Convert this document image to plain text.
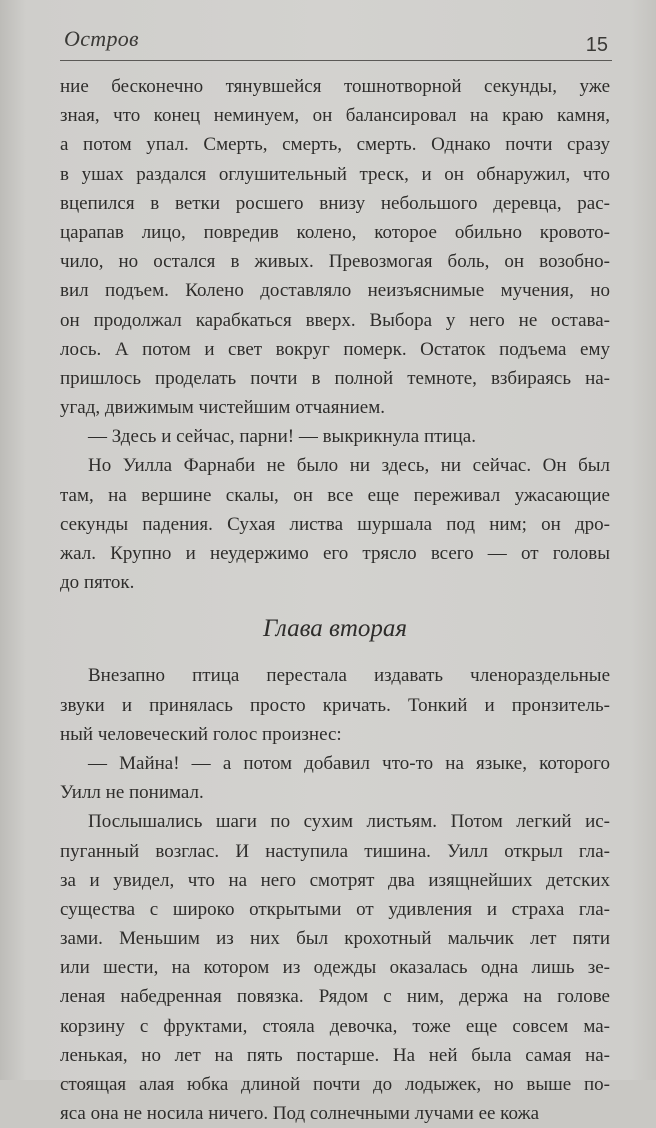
Остров	15
ние бесконечно тянувшейся тошнотворной секунды, уже
зная, что конец неминуем, он балансировал на краю камня,
а потом упал. Смерть, смерть, смерть. Однако почти сразу
в ушах раздался оглушительный треск, и он обнаружил, что
вцепился в ветки росшего внизу небольшого деревца, рас-
царапав лицо, повредив колено, которое обильно кровото-
чило, но остался в живых. Превозмогая боль, он возобно-
вил подъем. Колено доставляло неизъяснимые мучения, но
он продолжал карабкаться вверх. Выбора у него не остава-
лось. А потом и свет вокруг померк. Остаток подъема ему
пришлось проделать почти в полной темноте, взбираясь на-
угад, движимым чистейшим отчаянием.
— Здесь и сейчас, парни! — выкрикнула птица.
Но Уилла Фарнаби не было ни здесь, ни сейчас. Он был
там, на вершине скалы, он все еще переживал ужасающие
секунды падения. Сухая листва шуршала под ним; он дро-
жал. Крупно и неудержимо его трясло всего — от головы
до пяток.
Глава вторая
Внезапно птица перестала издавать членораздельные
звуки и принялась просто кричать. Тонкий и пронзитель-
ный человеческий голос произнес:
— Майна! — а потом добавил что-то на языке, которого
Уилл не понимал.
Послышались шаги по сухим листьям. Потом легкий ис-
пуганный возглас. И наступила тишина. Уилл открыл гла-
за и увидел, что на него смотрят два изящнейших детских
существа с широко открытыми от удивления и страха гла-
зами. Меньшим из них был крохотный мальчик лет пяти
или шести, на котором из одежды оказалась одна лишь зе-
леная набедренная повязка. Рядом с ним, держа на голове
корзину с фруктами, стояла девочка, тоже еще совсем ма-
ленькая, но лет на пять постарше. На ней была самая на-
стоящая алая юбка длиной почти до лодыжек, но выше по-
яса она не носила ничего. Под солнечными лучами ее кожа
